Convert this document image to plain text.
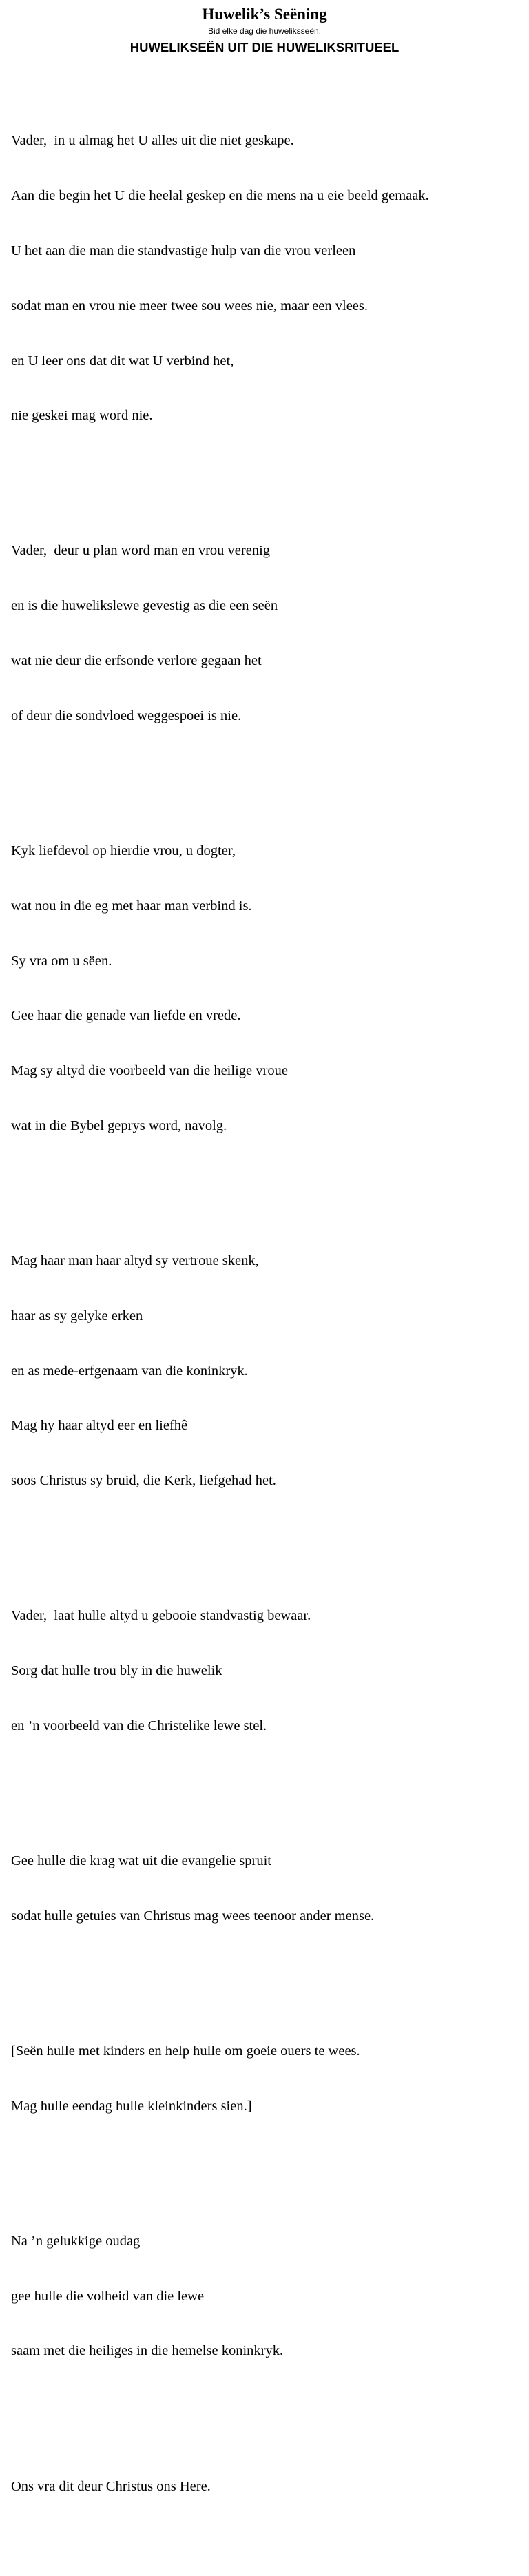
Huwelik’s Seëning
Bid elke dag die huweliksseën.
HUWELIKSEËN UIT DIE HUWELIKSRITUEEL

Vader,  in u almag het U alles uit die niet geskape.

Aan die begin het U die heelal geskep en die mens na u eie beeld gemaak.

U het aan die man die standvastige hulp van die vrou verleen

sodat man en vrou nie meer twee sou wees nie, maar een vlees.

en U leer ons dat dit wat U verbind het,

nie geskei mag word nie.

Vader,  deur u plan word man en vrou verenig

en is die huwelikslewe gevestig as die een seën

wat nie deur die erfsonde verlore gegaan het

of deur die sondvloed weggespoei is nie.

Kyk liefdevol op hierdie vrou, u dogter,

wat nou in die eg met haar man verbind is.

Sy vra om u sëen.

Gee haar die genade van liefde en vrede.

Mag sy altyd die voorbeeld van die heilige vroue

wat in die Bybel geprys word, navolg.

Mag haar man haar altyd sy vertroue skenk,

haar as sy gelyke erken

en as mede-erfgenaam van die koninkryk.

Mag hy haar altyd eer en liefhê

soos Christus sy bruid, die Kerk, liefgehad het.

Vader,  laat hulle altyd u gebooie standvastig bewaar.

Sorg dat hulle trou bly in die huwelik

en ’n voorbeeld van die Christelike lewe stel.

Gee hulle die krag wat uit die evangelie spruit

sodat hulle getuies van Christus mag wees teenoor ander mense.

[Seën hulle met kinders en help hulle om goeie ouers te wees.

Mag hulle eendag hulle kleinkinders sien.]

Na ’n gelukkige oudag

gee hulle die volheid van die lewe

saam met die heiliges in die hemelse koninkryk.

Ons vra dit deur Christus ons Here.
